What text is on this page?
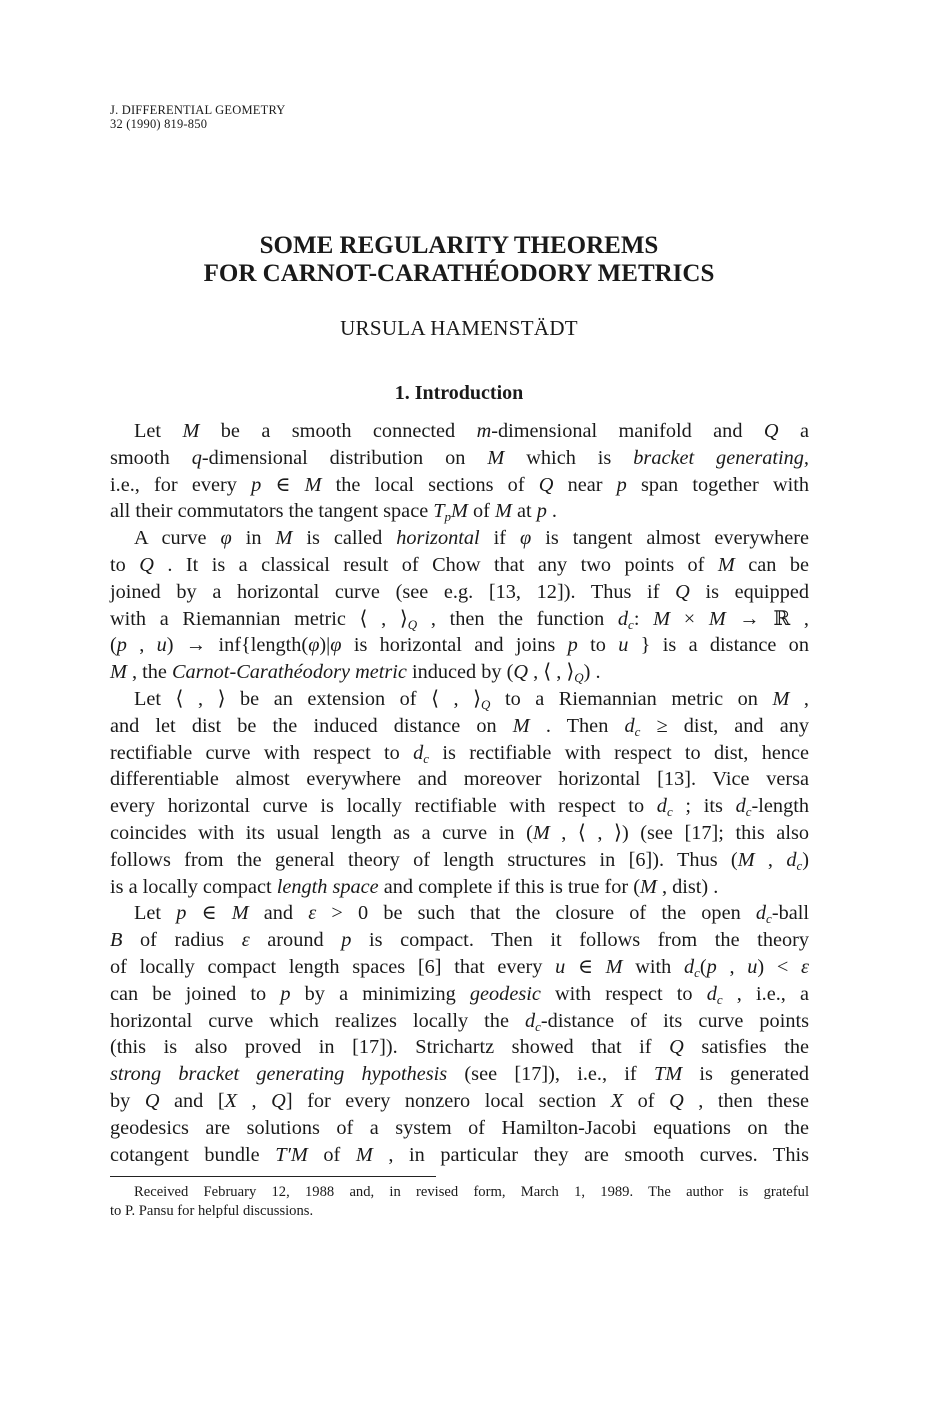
J. DIFFERENTIAL GEOMETRY
32 (1990) 819-850
SOME REGULARITY THEOREMS
FOR CARNOT-CARATHÉODORY METRICS
URSULA HAMENSTÄDT
1. Introduction
Let M be a smooth connected m-dimensional manifold and Q a
smooth q-dimensional distribution on M which is bracket generating,
i.e., for every p ∈ M the local sections of Q near p span together with
all their commutators the tangent space $T_pM$ of M at p .
A curve φ in M is called horizontal if φ is tangent almost everywhere
to Q . It is a classical result of Chow that any two points of M can be
joined by a horizontal curve (see e.g. [13, 12]). Thus if Q is equipped
with a Riemannian metric ⟨ , $⟩_Q$ , then the function $d_c$: M × M → ℝ ,
(p , u) → inf{length(φ)|φ is horizontal and joins p to u } is a distance on
M , the Carnot-Carathéodory metric induced by (Q , ⟨ , $⟩_Q$) .
Let ⟨ , ⟩ be an extension of ⟨ , $⟩_Q$ to a Riemannian metric on M ,
and let dist be the induced distance on M . Then $d_c$ ≥ dist, and any
rectifiable curve with respect to $d_c$ is rectifiable with respect to dist, hence
differentiable almost everywhere and moreover horizontal [13]. Vice versa
every horizontal curve is locally rectifiable with respect to $d_c$ ; its $d_c$-length
coincides with its usual length as a curve in (M , ⟨ , ⟩) (see [17]; this also
follows from the general theory of length structures in [6]). Thus (M , $d_c$)
is a locally compact length space and complete if this is true for (M , dist) .
Let p ∈ M and ε > 0 be such that the closure of the open $d_c$-ball
B of radius ε around p is compact. Then it follows from the theory
of locally compact length spaces [6] that every u ∈ M with $d_c(p$ , u) < ε
can be joined to p by a minimizing geodesic with respect to $d_c$ , i.e., a
horizontal curve which realizes locally the $d_c$-distance of its curve points
(this is also proved in [17]). Strichartz showed that if Q satisfies the
strong bracket generating hypothesis (see [17]), i.e., if TM is generated
by Q and [X , Q] for every nonzero local section X of Q , then these
geodesics are solutions of a system of Hamilton-Jacobi equations on the
cotangent bundle T′M of M , in particular they are smooth curves. This
Received February 12, 1988 and, in revised form, March 1, 1989. The author is grateful
to P. Pansu for helpful discussions.
